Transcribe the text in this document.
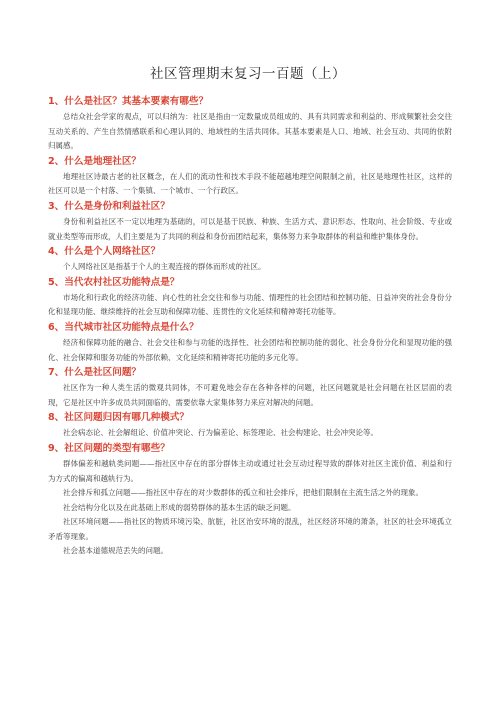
社区管理期末复习一百题（上）
1、什么是社区？其基本要素有哪些？

总结众社会学家的观点，可以归纳为：社区是指由一定数量成员组成的、具有共同需求和利益的、形成频繁社会交往互动关系的、产生自然情感联系和心理认同的、地域性的生活共同体。其基本要素是人口、地域、社会互动、共同的依附归属感。

2、什么是地理社区？

地理社区诗最古老的社区概念，在人们的流动性和技术手段不能超越地理空间限制之前，社区是地理性社区，这样的社区可以是一个村落、一个集镇、一个城市、一个行政区。

3、什么是身份和利益社区？

身份和利益社区不一定以地理为基础的，可以是基于民族、种族、生活方式、意识形态、性取向、社会阶级、专业或就业类型等而形成，人们主要是为了共同的利益和身份而团结起来，集体努力来争取群体的利益和维护集体身份。

4、什么是个人网络社区？

个人网络社区是指基于个人的主观连接的群体而形成的社区。

5、当代农村社区功能特点是？

市场化和行政化的经济功能、向心性的社会交往和参与功能、情理性的社会团结和控制功能、日益冲突的社会身份分化和显现功能、继续维持的社会互助和保障功能、连贯性的文化延续和精神寄托功能等。

6、当代城市社区功能特点是什么？

经济和保障功能的融合、社会交往和参与功能的选择性、社会团结和控制功能的弱化、社会身份分化和显现功能的强化、社会保障和服务功能的外部依赖、文化延续和精神寄托功能的多元化等。

7、什么是社区问题？

社区作为一种人类生活的微观共同体，不可避免地会存在各种各样的问题，社区问题就是社会问题在社区层面的表现，它是社区中许多成员共同面临的、需要依靠大家集体努力来应对解决的问题。

8、社区问题归因有哪几种模式？

社会病态论、社会解组论、价值冲突论、行为偏差论、标签理论、社会构建论、社会冲突论等。

9、社区问题的类型有哪些？

群体偏差和越轨类问题——指社区中存在的部分群体主动或通过社会互动过程导致的群体对社区主流价值、利益和行为方式的偏离和越轨行为。

社会排斥和孤立问题——指社区中存在的对少数群体的孤立和社会排斥，把他们限制在主流生活之外的现象。

社会结构分化以及在此基础上形成的弱势群体的基本生活的缺乏问题。

社区环境问题——指社区的物质环境污染、肮脏，社区治安环境的混乱，社区经济环境的萧条，社区的社会环境孤立矛盾等现象。

社会基本道德规范丢失的问题。
